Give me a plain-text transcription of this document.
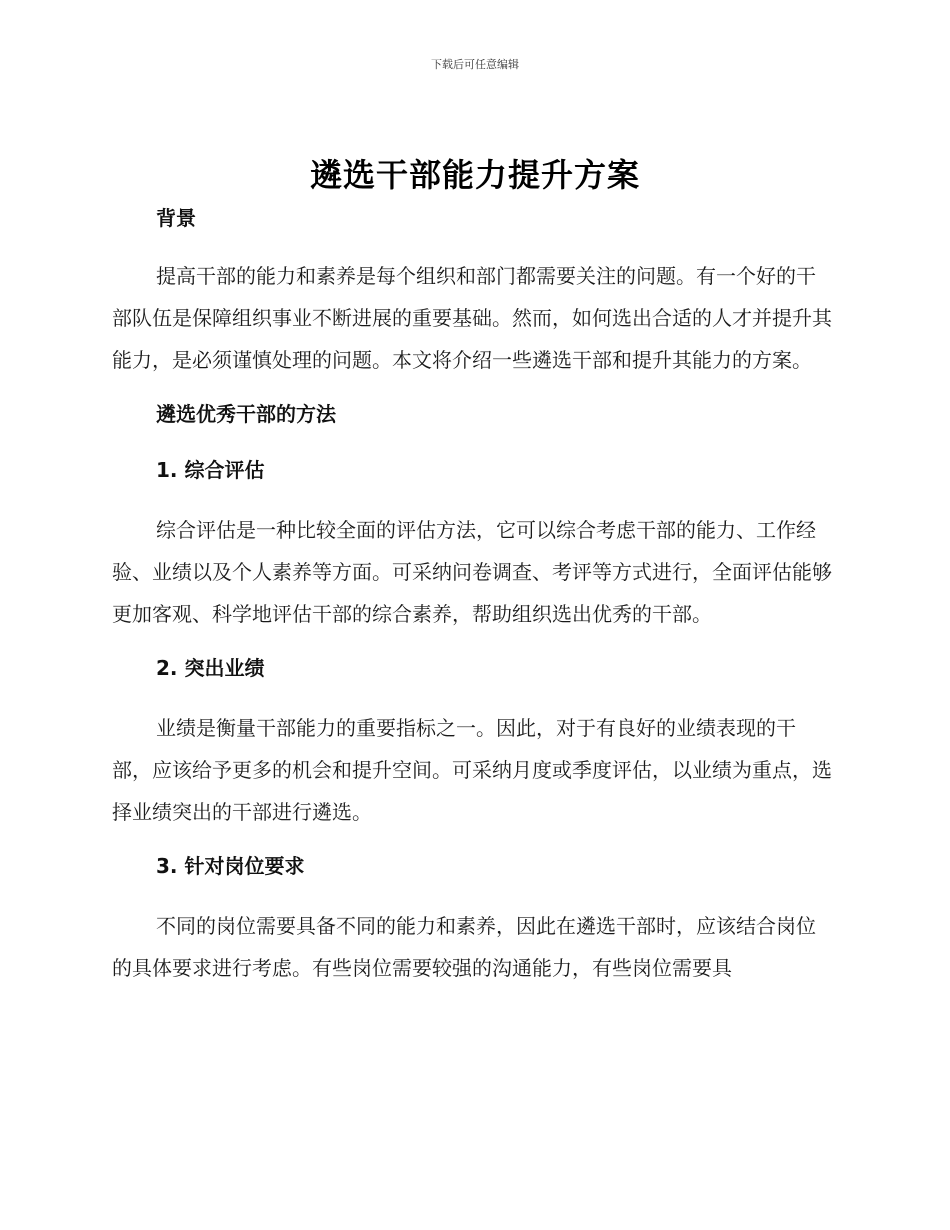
下载后可任意编辑
遴选干部能力提升方案

背景

提高干部的能力和素养是每个组织和部门都需要关注的问题。有一个好的干部队伍是保障组织事业不断进展的重要基础。然而，如何选出合适的人才并提升其能力，是必须谨慎处理的问题。本文将介绍一些遴选干部和提升其能力的方案。

遴选优秀干部的方法

1. 综合评估

综合评估是一种比较全面的评估方法，它可以综合考虑干部的能力、工作经验、业绩以及个人素养等方面。可采纳问卷调查、考评等方式进行，全面评估能够更加客观、科学地评估干部的综合素养，帮助组织选出优秀的干部。

2. 突出业绩

业绩是衡量干部能力的重要指标之一。因此，对于有良好的业绩表现的干部，应该给予更多的机会和提升空间。可采纳月度或季度评估，以业绩为重点，选择业绩突出的干部进行遴选。

3. 针对岗位要求

不同的岗位需要具备不同的能力和素养，因此在遴选干部时，应该结合岗位的具体要求进行考虑。有些岗位需要较强的沟通能力，有些岗位需要具
